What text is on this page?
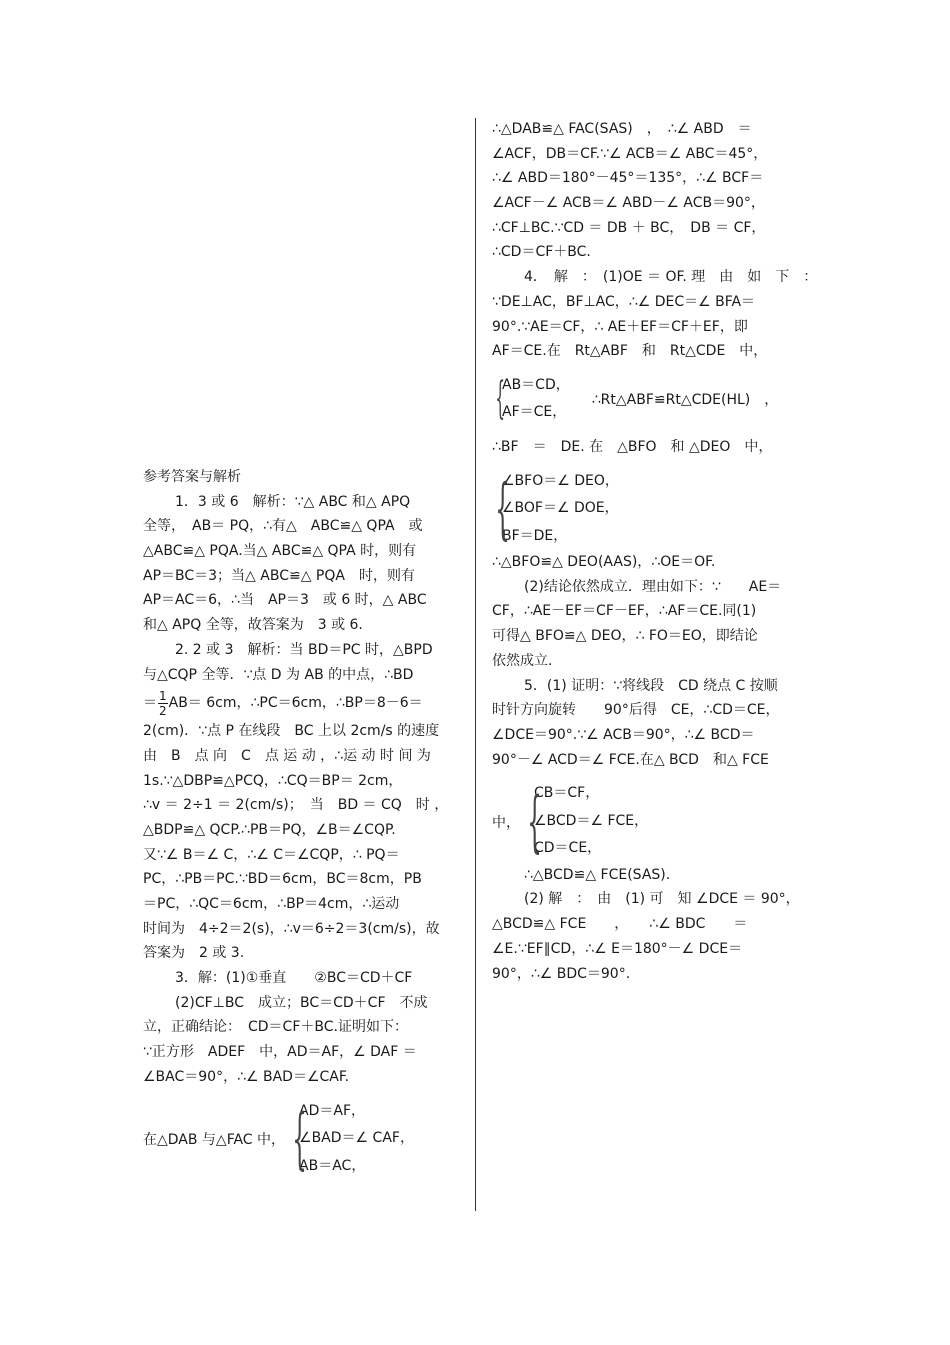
参考答案与解析
1．3 或 6　解析：∵△ ABC 和△ APQ
全等，　AB＝ PQ，∴有△　ABC≌△ QPA　或
△ABC≌△ PQA.当△ ABC≌△ QPA 时，则有
AP＝BC＝3；当△ ABC≌△ PQA　时，则有
AP＝AC＝6，∴当　AP＝3　或 6 时，△ ABC
和△ APQ 全等，故答案为　3 或 6.
2. 2 或 3　解析：当 BD＝PC 时，△BPD
与△CQP 全等．∵点 D 为 AB 的中点，∴BD
＝ $\frac{1}{2} AB= 6cm$，∴PC＝6cm，∴BP＝8－6＝
2(cm)．∵点 P 在线段　BC 上以 2cm/s 的速度
由　B　点 向　C　点 运 动 ，∴运 动 时 间 为
1s.∵△DBP≌△PCQ，∴CQ＝BP＝ 2cm，
∴v ＝ 2÷1 ＝ 2(cm/s)；　当　BD ＝ CQ　时 ，
△BDP≌△ QCP.∴PB＝PQ，∠B＝∠CQP.
又∵∠ B＝∠ C，∴∠ C＝∠CQP，∴ PQ＝
PC，∴PB＝PC.∵BD＝6cm，BC＝8cm，PB
＝PC，∴QC＝6cm，∴BP＝4cm，∴运动
时间为　4÷2＝2(s)，∴v＝6÷2＝3(cm/s)，故
答案为　2 或 3.
3．解：(1)①垂直　　②BC＝CD＋CF
(2)CF⊥BC　成立；BC＝CD＋CF　不成
立，正确结论：　CD＝CF＋BC.证明如下：
∵正方形　ADEF　中，AD＝AF，∠ DAF ＝
∠BAC＝90°，∴∠ BAD＝∠CAF.
在△DAB 与△FAC 中， {
AD＝AF，
∠BAD＝∠ CAF，
AB＝AC，
∴△DAB≌△ FAC(SAS)　，　∴∠ ABD　＝
∠ACF，DB＝CF.∵∠ ACB＝∠ ABC＝45°，
∴∠ ABD＝180°－45°＝135°，∴∠ BCF＝
∠ACF－∠ ACB＝∠ ABD－∠ ACB＝90°，
∴CF⊥BC.∵CD ＝ DB ＋ BC，　DB ＝ CF，
∴CD＝CF＋BC.
4．　解　：　(1)OE ＝ OF. 理　由　如　下　：
∵DE⊥AC，BF⊥AC，∴∠ DEC＝∠ BFA＝
90°.∵AE＝CF，∴ AE＋EF＝CF＋EF，即
AF＝CE.在　Rt△ABF　和　Rt△CDE　中，
{
AB＝CD，
AF＝CE，
∴Rt△ABF≌Rt△CDE(HL)　，
∴BF　＝　DE. 在　△BFO　和 △DEO　中，
{
∠BFO＝∠ DEO，
∠BOF＝∠ DOE，
BF＝DE，
∴△BFO≌△ DEO(AAS)，∴OE＝OF.
(2)结论依然成立．理由如下：∵　　AE＝
CF，∴AE－EF＝CF－EF，∴AF＝CE.同(1)
可得△ BFO≌△ DEO，∴ FO＝EO，即结论
依然成立.
5．(1) 证明：∵将线段　CD 绕点 C 按顺
时针方向旋转　　90°后得　CE，∴CD＝CE，
∠DCE＝90°.∵∠ ACB＝90°，∴∠ BCD＝
90°－∠ ACD＝∠ FCE.在△ BCD　和△ FCE
中， {
CB＝CF，
∠BCD＝∠ FCE，
CD＝CE，
∴△BCD≌△ FCE(SAS).
(2) 解　：　由　(1) 可　知 ∠DCE ＝ 90°，
△BCD≌△ FCE　　，　　∴∠ BDC　　＝
∠E.∵EF∥CD，∴∠ E＝180°－∠ DCE＝
90°，∴∠ BDC＝90°.
